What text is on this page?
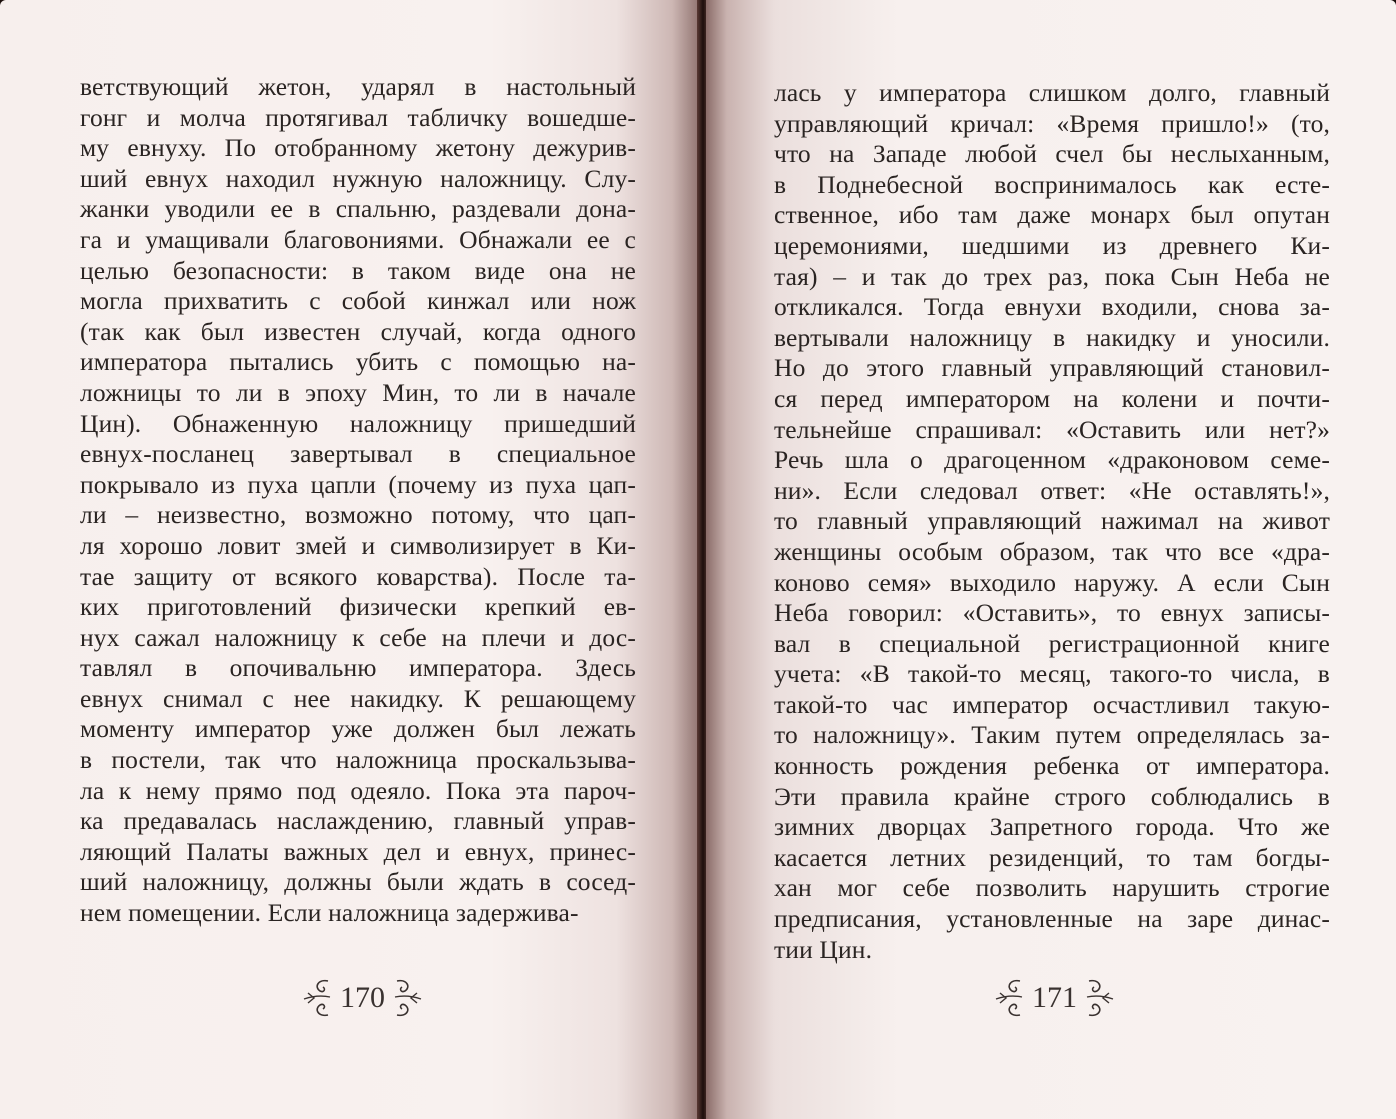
ветствующий жетон, ударял в настольный
гонг и молча протягивал табличку вошедше-
му евнуху. По отобранному жетону дежурив-
ший евнух находил нужную наложницу. Слу-
жанки уводили ее в спальню, раздевали дона-
га и умащивали благовониями. Обнажали ее с
целью безопасности: в таком виде она не
могла прихватить с собой кинжал или нож
(так как был известен случай, когда одного
императора пытались убить с помощью на-
ложницы то ли в эпоху Мин, то ли в начале
Цин). Обнаженную наложницу пришедший
евнух-посланец завертывал в специальное
покрывало из пуха цапли (почему из пуха цап-
ли – неизвестно, возможно потому, что цап-
ля хорошо ловит змей и символизирует в Ки-
тае защиту от всякого коварства). После та-
ких приготовлений физически крепкий ев-
нух сажал наложницу к себе на плечи и дос-
тавлял в опочивальню императора. Здесь
евнух снимал с нее накидку. К решающему
моменту император уже должен был лежать
в постели, так что наложница проскальзыва-
ла к нему прямо под одеяло. Пока эта пароч-
ка предавалась наслаждению, главный управ-
ляющий Палаты важных дел и евнух, принес-
ший наложницу, должны были ждать в сосед-
нем помещении. Если наложница задержива-
170
лась у императора слишком долго, главный
управляющий кричал: «Время пришло!» (то,
что на Западе любой счел бы неслыханным,
в Поднебесной воспринималось как есте-
ственное, ибо там даже монарх был опутан
церемониями, шедшими из древнего Ки-
тая) – и так до трех раз, пока Сын Неба не
откликался. Тогда евнухи входили, снова за-
вертывали наложницу в накидку и уносили.
Но до этого главный управляющий становил-
ся перед императором на колени и почти-
тельнейше спрашивал: «Оставить или нет?»
Речь шла о драгоценном «драконовом семе-
ни». Если следовал ответ: «Не оставлять!»,
то главный управляющий нажимал на живот
женщины особым образом, так что все «дра-
коново семя» выходило наружу. А если Сын
Неба говорил: «Оставить», то евнух записы-
вал в специальной регистрационной книге
учета: «В такой-то месяц, такого-то числа, в
такой-то час император осчастливил такую-
то наложницу». Таким путем определялась за-
конность рождения ребенка от императора.
Эти правила крайне строго соблюдались в
зимних дворцах Запретного города. Что же
касается летних резиденций, то там богды-
хан мог себе позволить нарушить строгие
предписания, установленные на заре динас-
тии Цин.
171
